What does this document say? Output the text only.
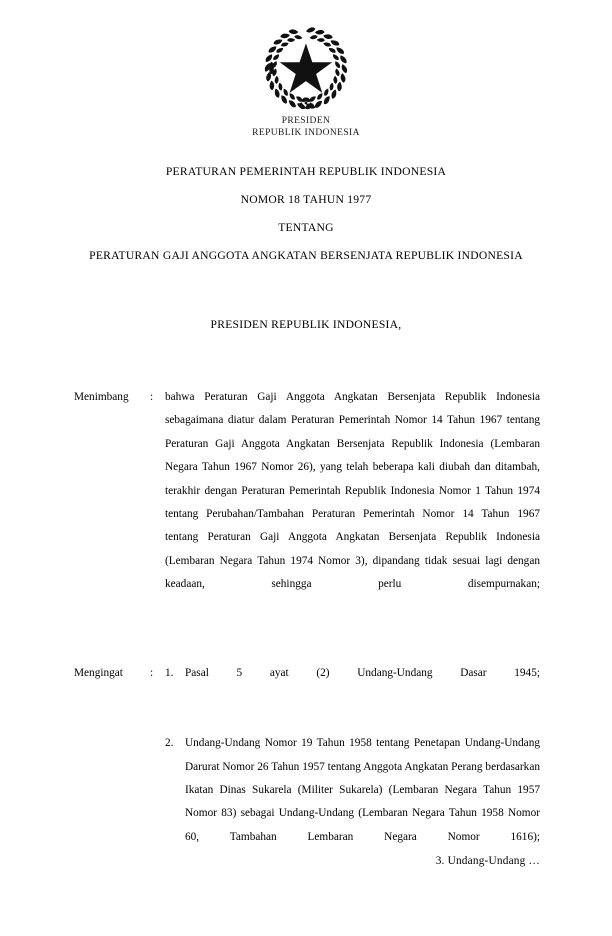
PRESIDEN
REPUBLIK INDONESIA
PERATURAN PEMERINTAH REPUBLIK INDONESIA
NOMOR 18 TAHUN 1977
TENTANG
PERATURAN GAJI ANGGOTA ANGKATAN BERSENJATA REPUBLIK INDONESIA
PRESIDEN REPUBLIK INDONESIA,
Menimbang	: bahwa Peraturan Gaji Anggota Angkatan Bersenjata Republik Indonesia sebagaimana diatur dalam Peraturan Pemerintah Nomor 14 Tahun 1967 tentang Peraturan Gaji Anggota Angkatan Bersenjata Republik Indonesia (Lembaran Negara Tahun 1967 Nomor 26), yang telah beberapa kali diubah dan ditambah, terakhir dengan Peraturan Pemerintah Republik Indonesia Nomor 1 Tahun 1974 tentang Perubahan/Tambahan Peraturan Pemerintah Nomor 14 Tahun 1967 tentang Peraturan Gaji Anggota Angkatan Bersenjata Republik Indonesia (Lembaran Negara Tahun 1974 Nomor 3), dipandang tidak sesuai lagi dengan keadaan, sehingga perlu disempurnakan;

Mengingat	: 1. Pasal 5 ayat (2) Undang-Undang Dasar 1945;
2. Undang-Undang Nomor 19 Tahun 1958 tentang Penetapan Undang-Undang Darurat Nomor 26 Tahun 1957 tentang Anggota Angkatan Perang berdasarkan Ikatan Dinas Sukarela (Militer Sukarela) (Lembaran Negara Tahun 1957 Nomor 83) sebagai Undang-Undang (Lembaran Negara Tahun 1958 Nomor 60, Tambahan Lembaran Negara Nomor 1616);
3. Undang-Undang …
